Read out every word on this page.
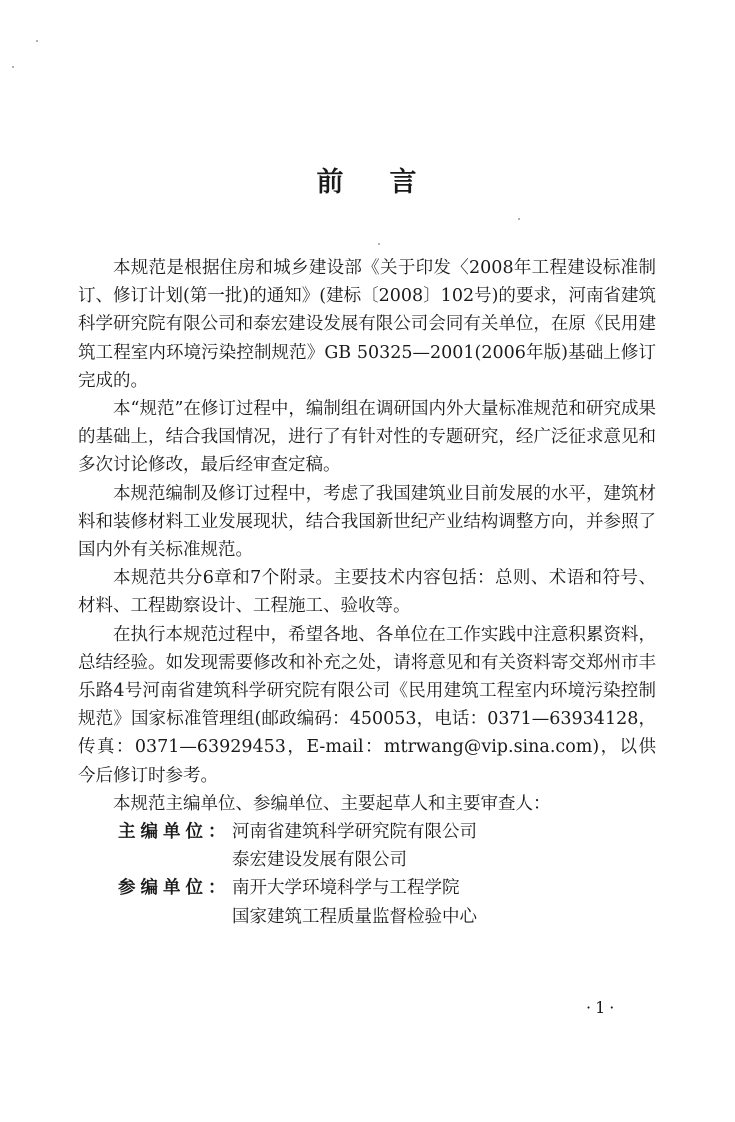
前 言

本规范是根据住房和城乡建设部《关于印发〈2008年工程建设标准制订、修订计划(第一批)的通知》(建标〔2008〕102号)的要求，河南省建筑科学研究院有限公司和泰宏建设发展有限公司会同有关单位，在原《民用建筑工程室内环境污染控制规范》GB 50325—2001(2006年版)基础上修订完成的。

本“规范”在修订过程中，编制组在调研国内外大量标准规范和研究成果的基础上，结合我国情况，进行了有针对性的专题研究，经广泛征求意见和多次讨论修改，最后经审查定稿。

本规范编制及修订过程中，考虑了我国建筑业目前发展的水平，建筑材料和装修材料工业发展现状，结合我国新世纪产业结构调整方向，并参照了国内外有关标准规范。

本规范共分6章和7个附录。主要技术内容包括：总则、术语和符号、材料、工程勘察设计、工程施工、验收等。

在执行本规范过程中，希望各地、各单位在工作实践中注意积累资料，总结经验。如发现需要修改和补充之处，请将意见和有关资料寄交郑州市丰乐路4号河南省建筑科学研究院有限公司《民用建筑工程室内环境污染控制规范》国家标准管理组(邮政编码：450053，电话：0371—63934128，传真：0371—63929453，E-mail：mtrwang@vip.sina.com)，以供今后修订时参考。

本规范主编单位、参编单位、主要起草人和主要审查人：

主编单位： 河南省建筑科学研究院有限公司
泰宏建设发展有限公司
参编单位： 南开大学环境科学与工程学院
国家建筑工程质量监督检验中心
·1·
